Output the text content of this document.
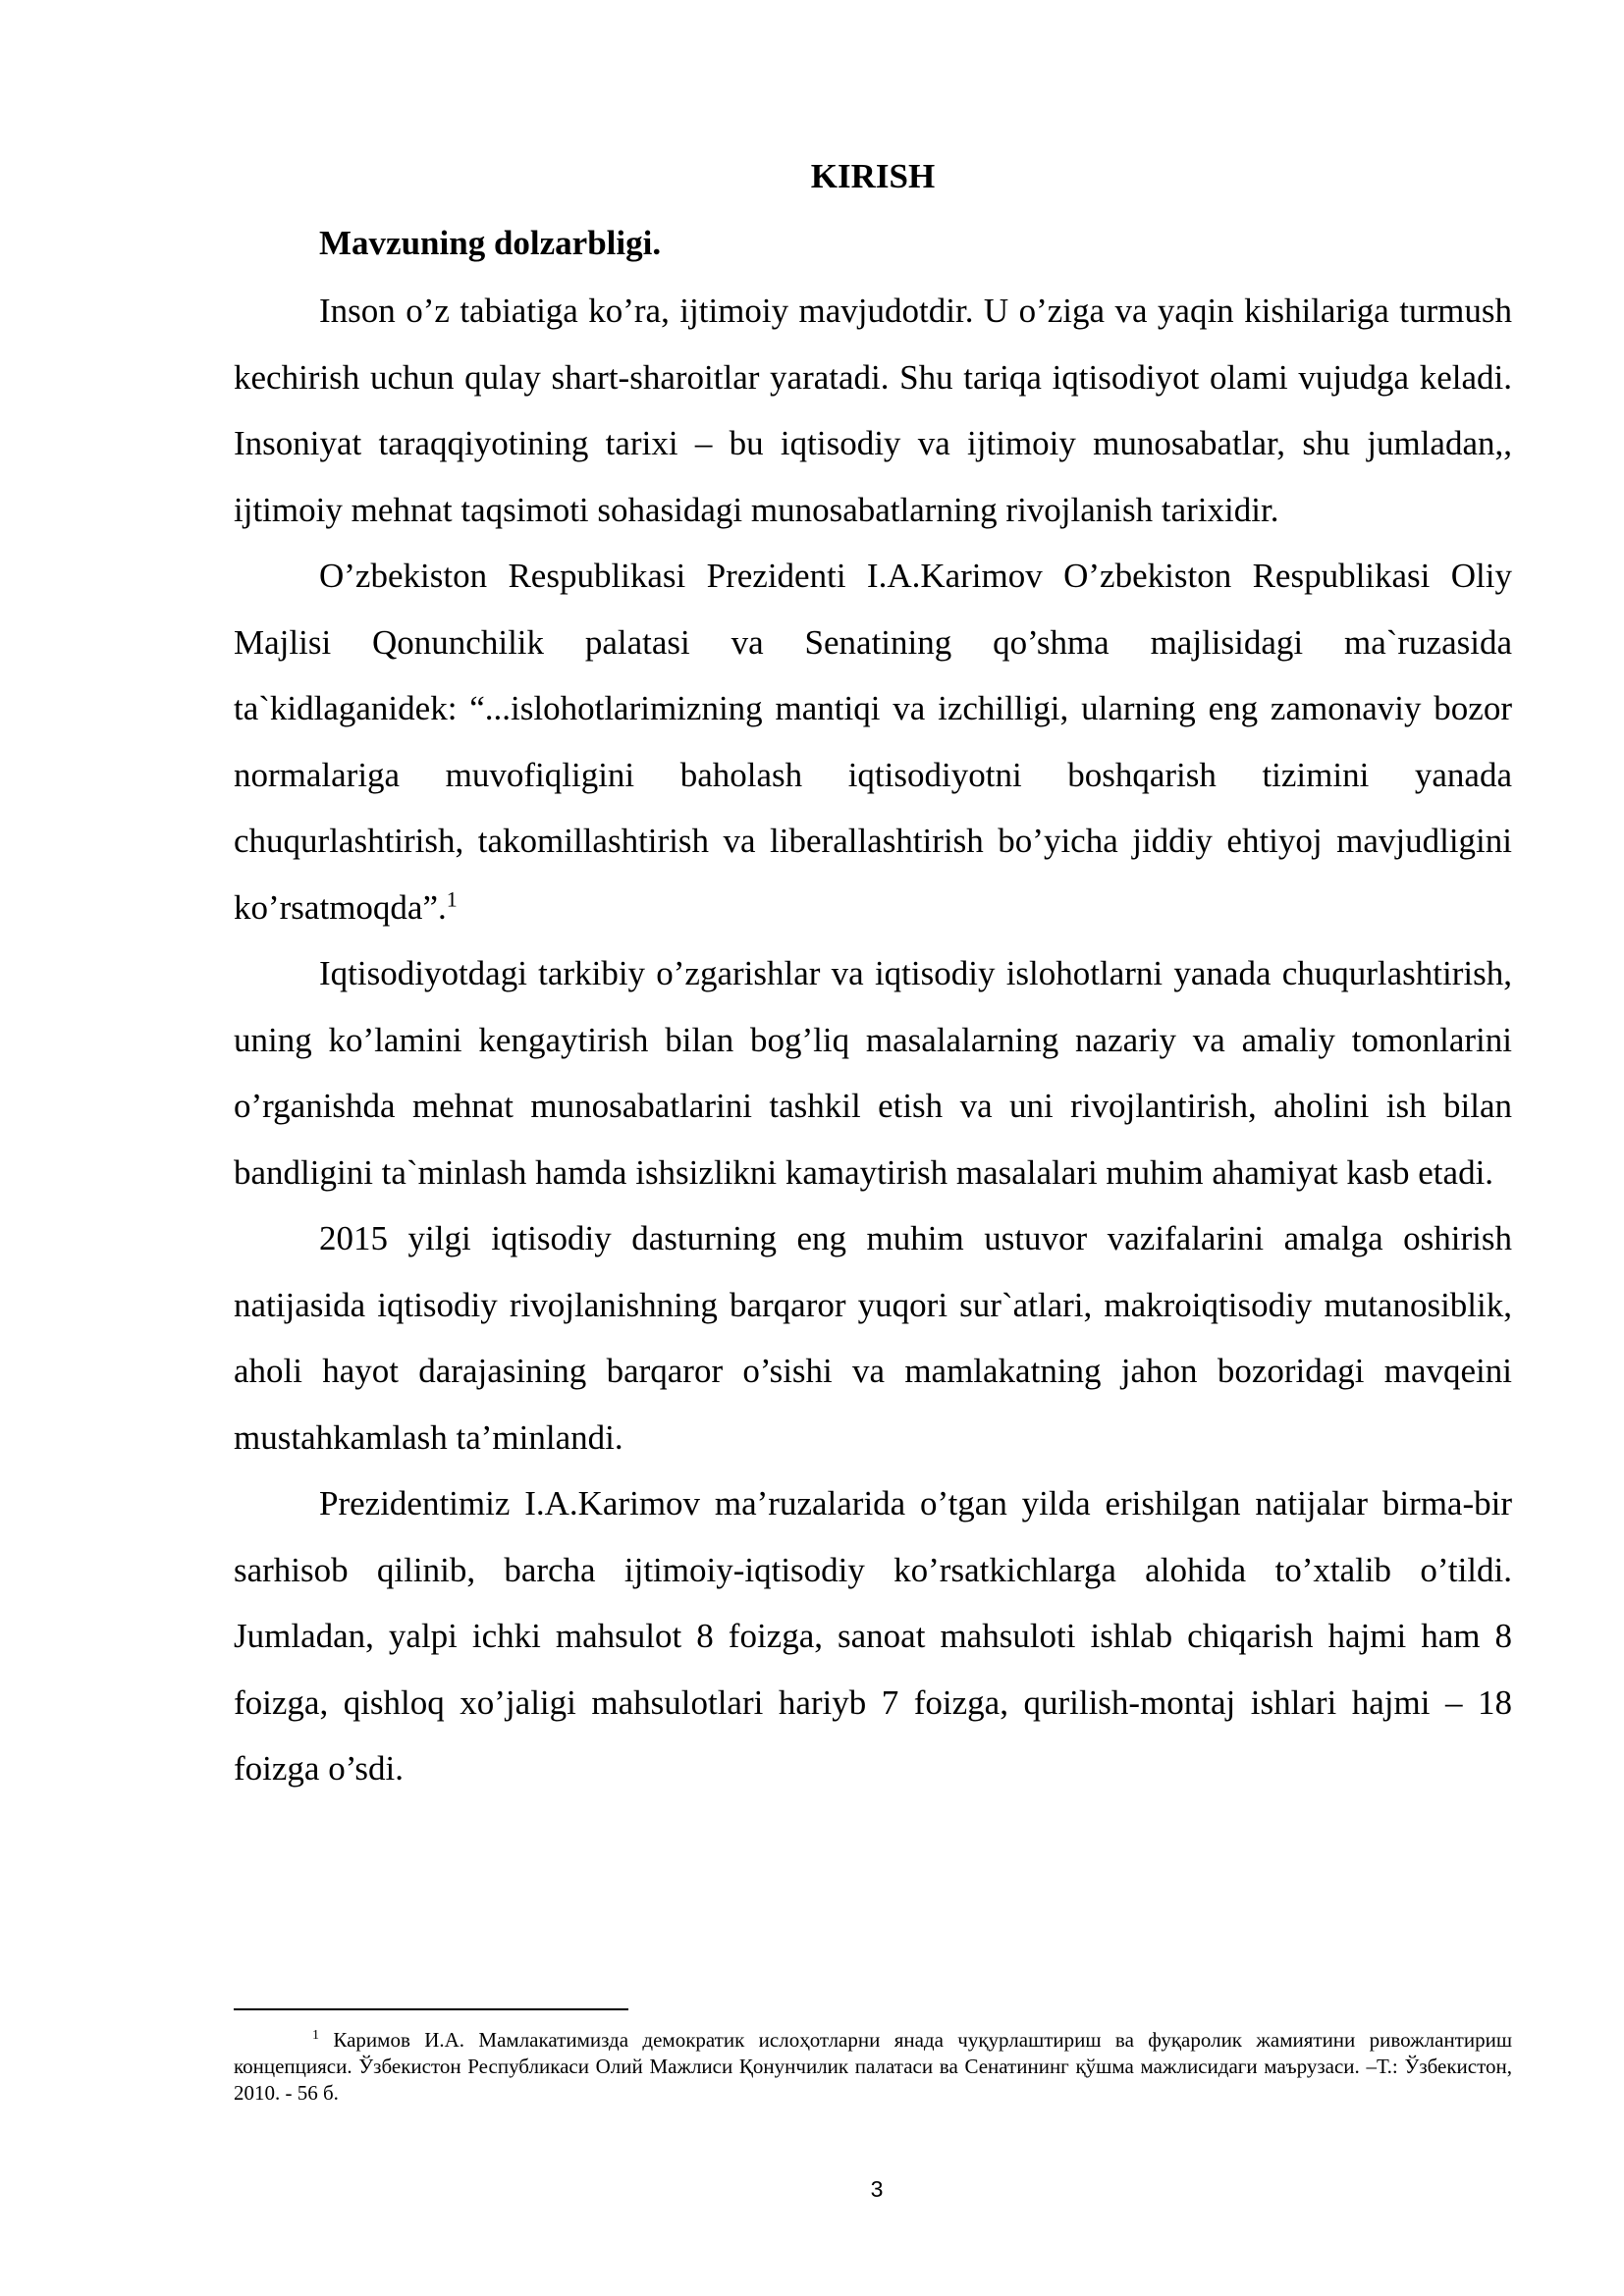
KIRISH
Mavzuning dolzarbligi.

Inson o’z tabiatiga ko’ra, ijtimoiy mavjudotdir. U o’ziga va yaqin kishilariga turmush kechirish uchun qulay shart-sharoitlar yaratadi. Shu tariqa iqtisodiyot olami vujudga keladi. Insoniyat taraqqiyotining tarixi – bu iqtisodiy va ijtimoiy munosabatlar, shu jumladan,, ijtimoiy mehnat taqsimoti sohasidagi munosabatlarning rivojlanish tarixidir.

O’zbekiston Respublikasi Prezidenti I.A.Karimov O’zbekiston Respublikasi Oliy Majlisi Qonunchilik palatasi va Senatining qo’shma majlisidagi ma`ruzasida ta`kidlaganidek: “...islohotlarimizning mantiqi va izchilligi, ularning eng zamonaviy bozor normalariga muvofiqligini baholash iqtisodiyotni boshqarish tizimini yanada chuqurlashtirish, takomillashtirish va liberallashtirish bo’yicha jiddiy ehtiyoj mavjudligini ko’rsatmoqda”.$^1$

Iqtisodiyotdagi tarkibiy o’zgarishlar va iqtisodiy islohotlarni yanada chuqurlashtirish, uning ko’lamini kengaytirish bilan bog’liq masalalarning nazariy va amaliy tomonlarini o’rganishda mehnat munosabatlarini tashkil etish va uni rivojlantirish, aholini ish bilan bandligini ta`minlash hamda ishsizlikni kamaytirish masalalari muhim ahamiyat kasb etadi.

2015 yilgi iqtisodiy dasturning eng muhim ustuvor vazifalarini amalga oshirish natijasida iqtisodiy rivojlanishning barqaror yuqori sur`atlari, makroiqtisodiy mutanosiblik, aholi hayot darajasining barqaror o’sishi va mamlakatning jahon bozoridagi mavqeini mustahkamlash ta’minlandi.

Prezidentimiz I.A.Karimov ma’ruzalarida o’tgan yilda erishilgan natijalar birma-bir sarhisob qilinib, barcha ijtimoiy-iqtisodiy ko’rsatkichlarga alohida to’xtalib o’tildi. Jumladan, yalpi ichki mahsulot 8 foizga, sanoat mahsuloti ishlab chiqarish hajmi ham 8 foizga, qishloq xo’jaligi mahsulotlari hariyb 7 foizga, qurilish-montaj ishlari hajmi – 18 foizga o’sdi.

$^1$ Каримов И.А. Мамлакатимизда демократик ислоҳотларни янада чуқурлаштириш ва фуқаролик жамиятини ривожлантириш концепцияси. Ўзбекистон Республикаси Олий Мажлиси Қонунчилик палатаси ва Сенатининг қўшма мажлисидаги маърузаси. –Т.: Ўзбекистон, 2010. - 56 б.

3
